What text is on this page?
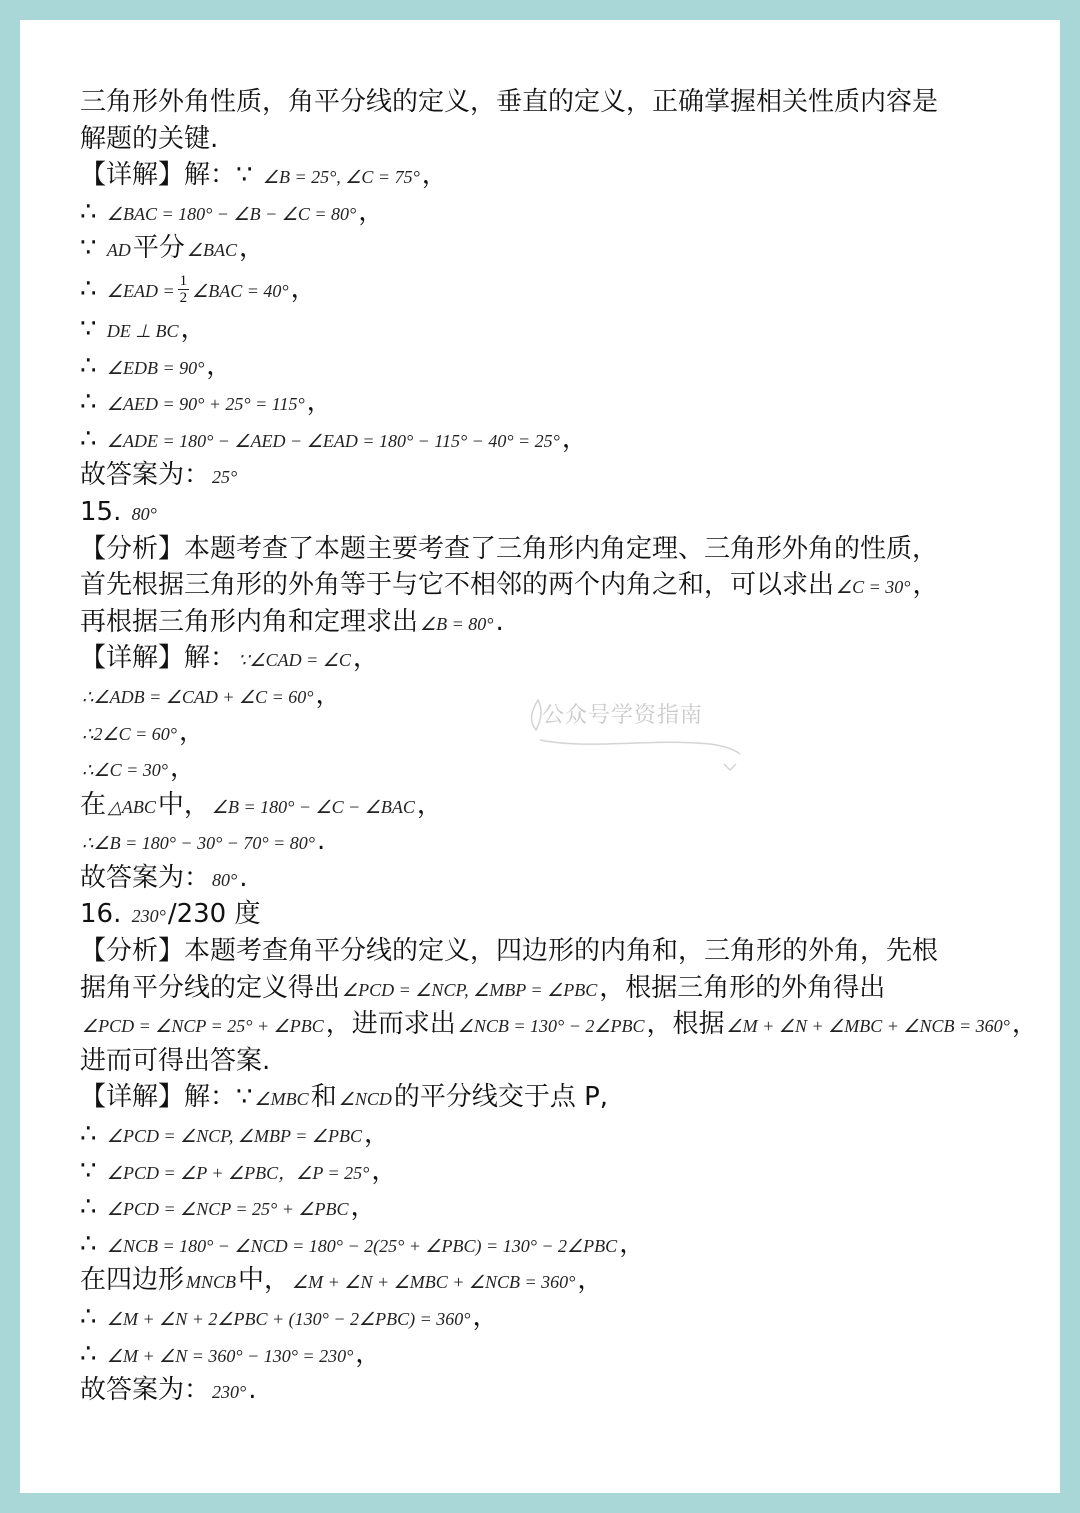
三角形外角性质，角平分线的定义，垂直的定义，正确掌握相关性质内容是
解题的关键.
【详解】解：∵ ∠B = 25°, ∠C = 75°，
∴ ∠BAC = 180° − ∠B − ∠C = 80°，
∵ AD平分 ∠BAC，
∴ ∠EAD = $\frac{1}{2}$ ∠BAC = 40°，
∵ DE ⊥ BC，
∴ ∠EDB = 90°，
∴ ∠AED = 90° + 25° = 115°，
∴ ∠ADE = 180° − ∠AED − ∠EAD = 180° − 115° − 40° = 25°，
故答案为： 25°
15. 80°
【分析】本题考查了本题主要考查了三角形内角定理、三角形外角的性质，
首先根据三角形的外角等于与它不相邻的两个内角之和，可以求出 ∠C = 30°，
再根据三角形内角和定理求出 ∠B = 80°.
【详解】解： ∵∠CAD = ∠C，
∴∠ADB = ∠CAD + ∠C = 60°，
∴2∠C = 60°，
∴∠C = 30°，
在 △ABC中， ∠B = 180° − ∠C − ∠BAC，
∴∠B = 180° − 30° − 70° = 80°.
故答案为： 80°.
16. 230°/230 度
【分析】本题考查角平分线的定义，四边形的内角和，三角形的外角，先根
据角平分线的定义得出 ∠PCD = ∠NCP, ∠MBP = ∠PBC，根据三角形的外角得出
∠PCD = ∠NCP = 25° + ∠PBC，进而求出 ∠NCB = 130° − 2∠PBC，根据 ∠M + ∠N + ∠MBC + ∠NCB = 360°，
进而可得出答案.
【详解】解：∵ ∠MBC和 ∠NCD的平分线交于点 P,
∴ ∠PCD = ∠NCP, ∠MBP = ∠PBC，
∵ ∠PCD = ∠P + ∠PBC，∠P = 25°，
∴ ∠PCD = ∠NCP = 25° + ∠PBC，
∴ ∠NCB = 180° − ∠NCD = 180° − 2(25° + ∠PBC) = 130° − 2∠PBC，
在四边形 MNCB中， ∠M + ∠N + ∠MBC + ∠NCB = 360°，
∴ ∠M + ∠N + 2∠PBC + (130° − 2∠PBC) = 360°，
∴ ∠M + ∠N = 360° − 130° = 230°，
故答案为： 230°.
公众号学资指南
